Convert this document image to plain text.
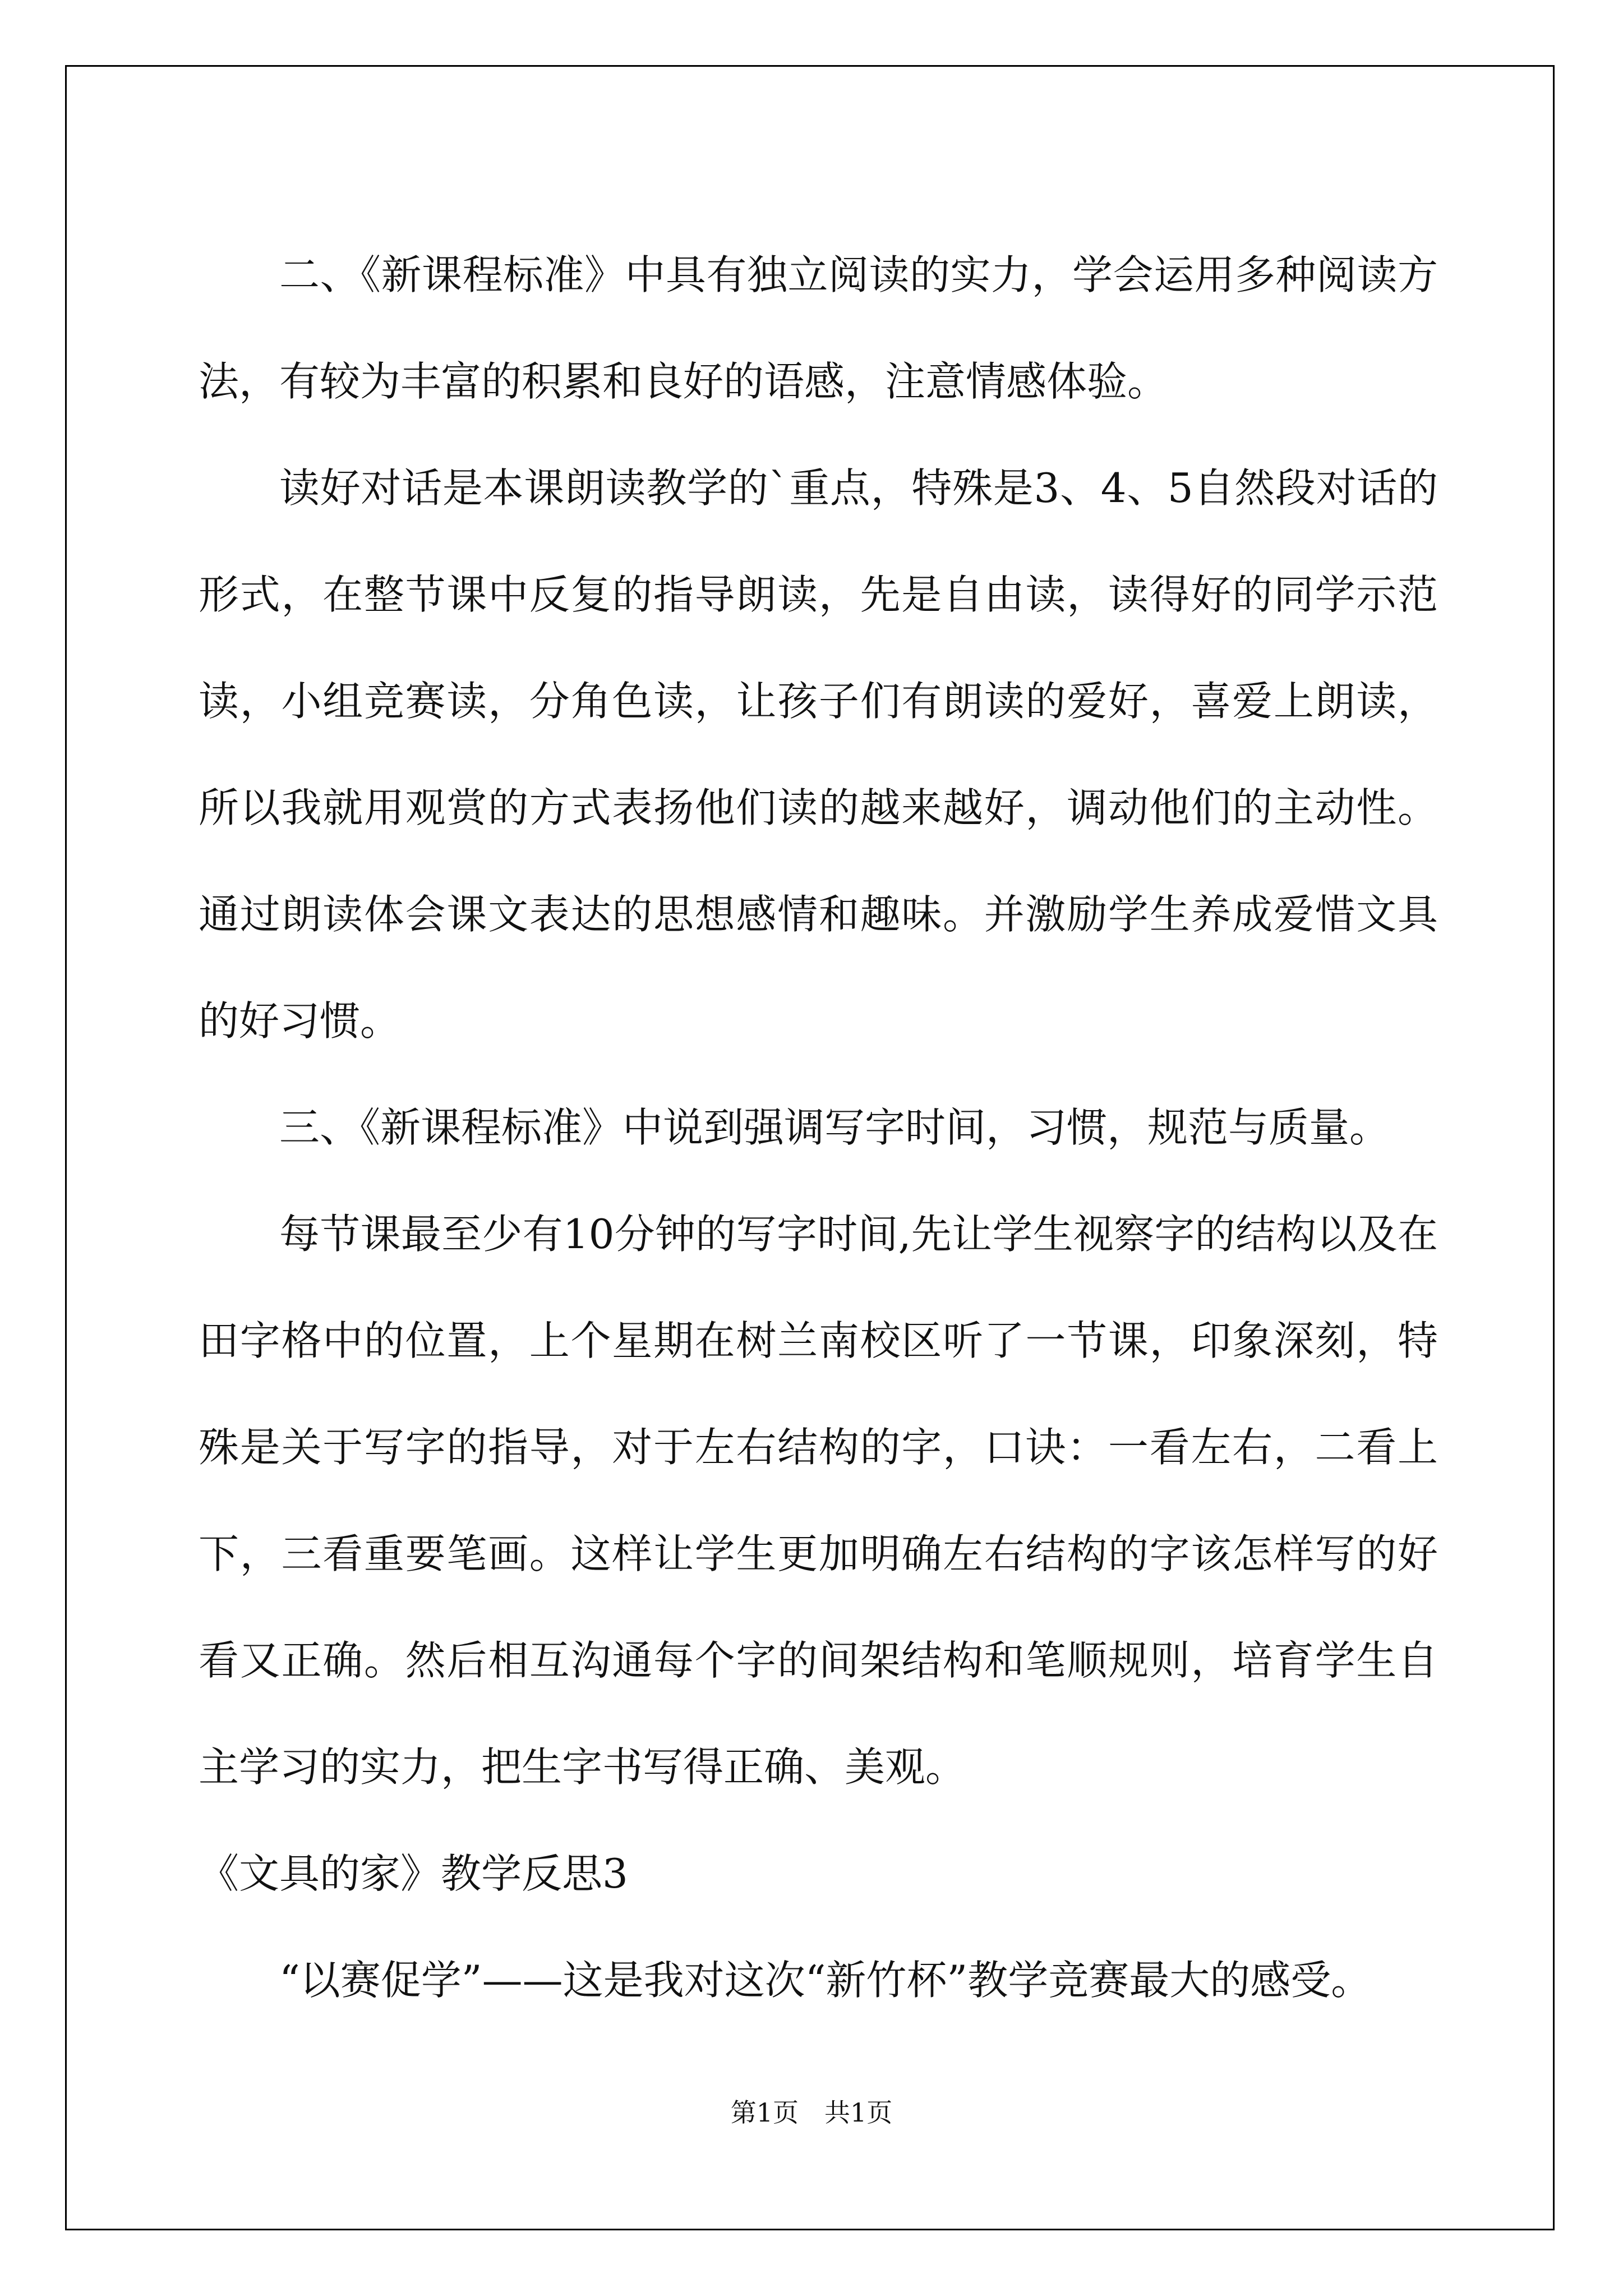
二、《新课程标准》中具有独立阅读的实力，学会运用多种阅读方法，有较为丰富的积累和良好的语感，注意情感体验。

读好对话是本课朗读教学的`重点，特殊是3、4、5自然段对话的形式，在整节课中反复的指导朗读，先是自由读，读得好的同学示范读，小组竞赛读，分角色读，让孩子们有朗读的爱好，喜爱上朗读，所以我就用观赏的方式表扬他们读的越来越好，调动他们的主动性。通过朗读体会课文表达的思想感情和趣味。并激励学生养成爱惜文具的好习惯。

三、《新课程标准》中说到强调写字时间，习惯，规范与质量。

每节课最至少有10分钟的写字时间,先让学生视察字的结构以及在田字格中的位置，上个星期在树兰南校区听了一节课，印象深刻，特殊是关于写字的指导，对于左右结构的字，口诀：一看左右，二看上下，三看重要笔画。这样让学生更加明确左右结构的字该怎样写的好看又正确。然后相互沟通每个字的间架结构和笔顺规则，培育学生自主学习的实力，把生字书写得正确、美观。

《文具的家》教学反思3

“以赛促学”——这是我对这次“新竹杯”教学竞赛最大的感受。

第1页　共1页
